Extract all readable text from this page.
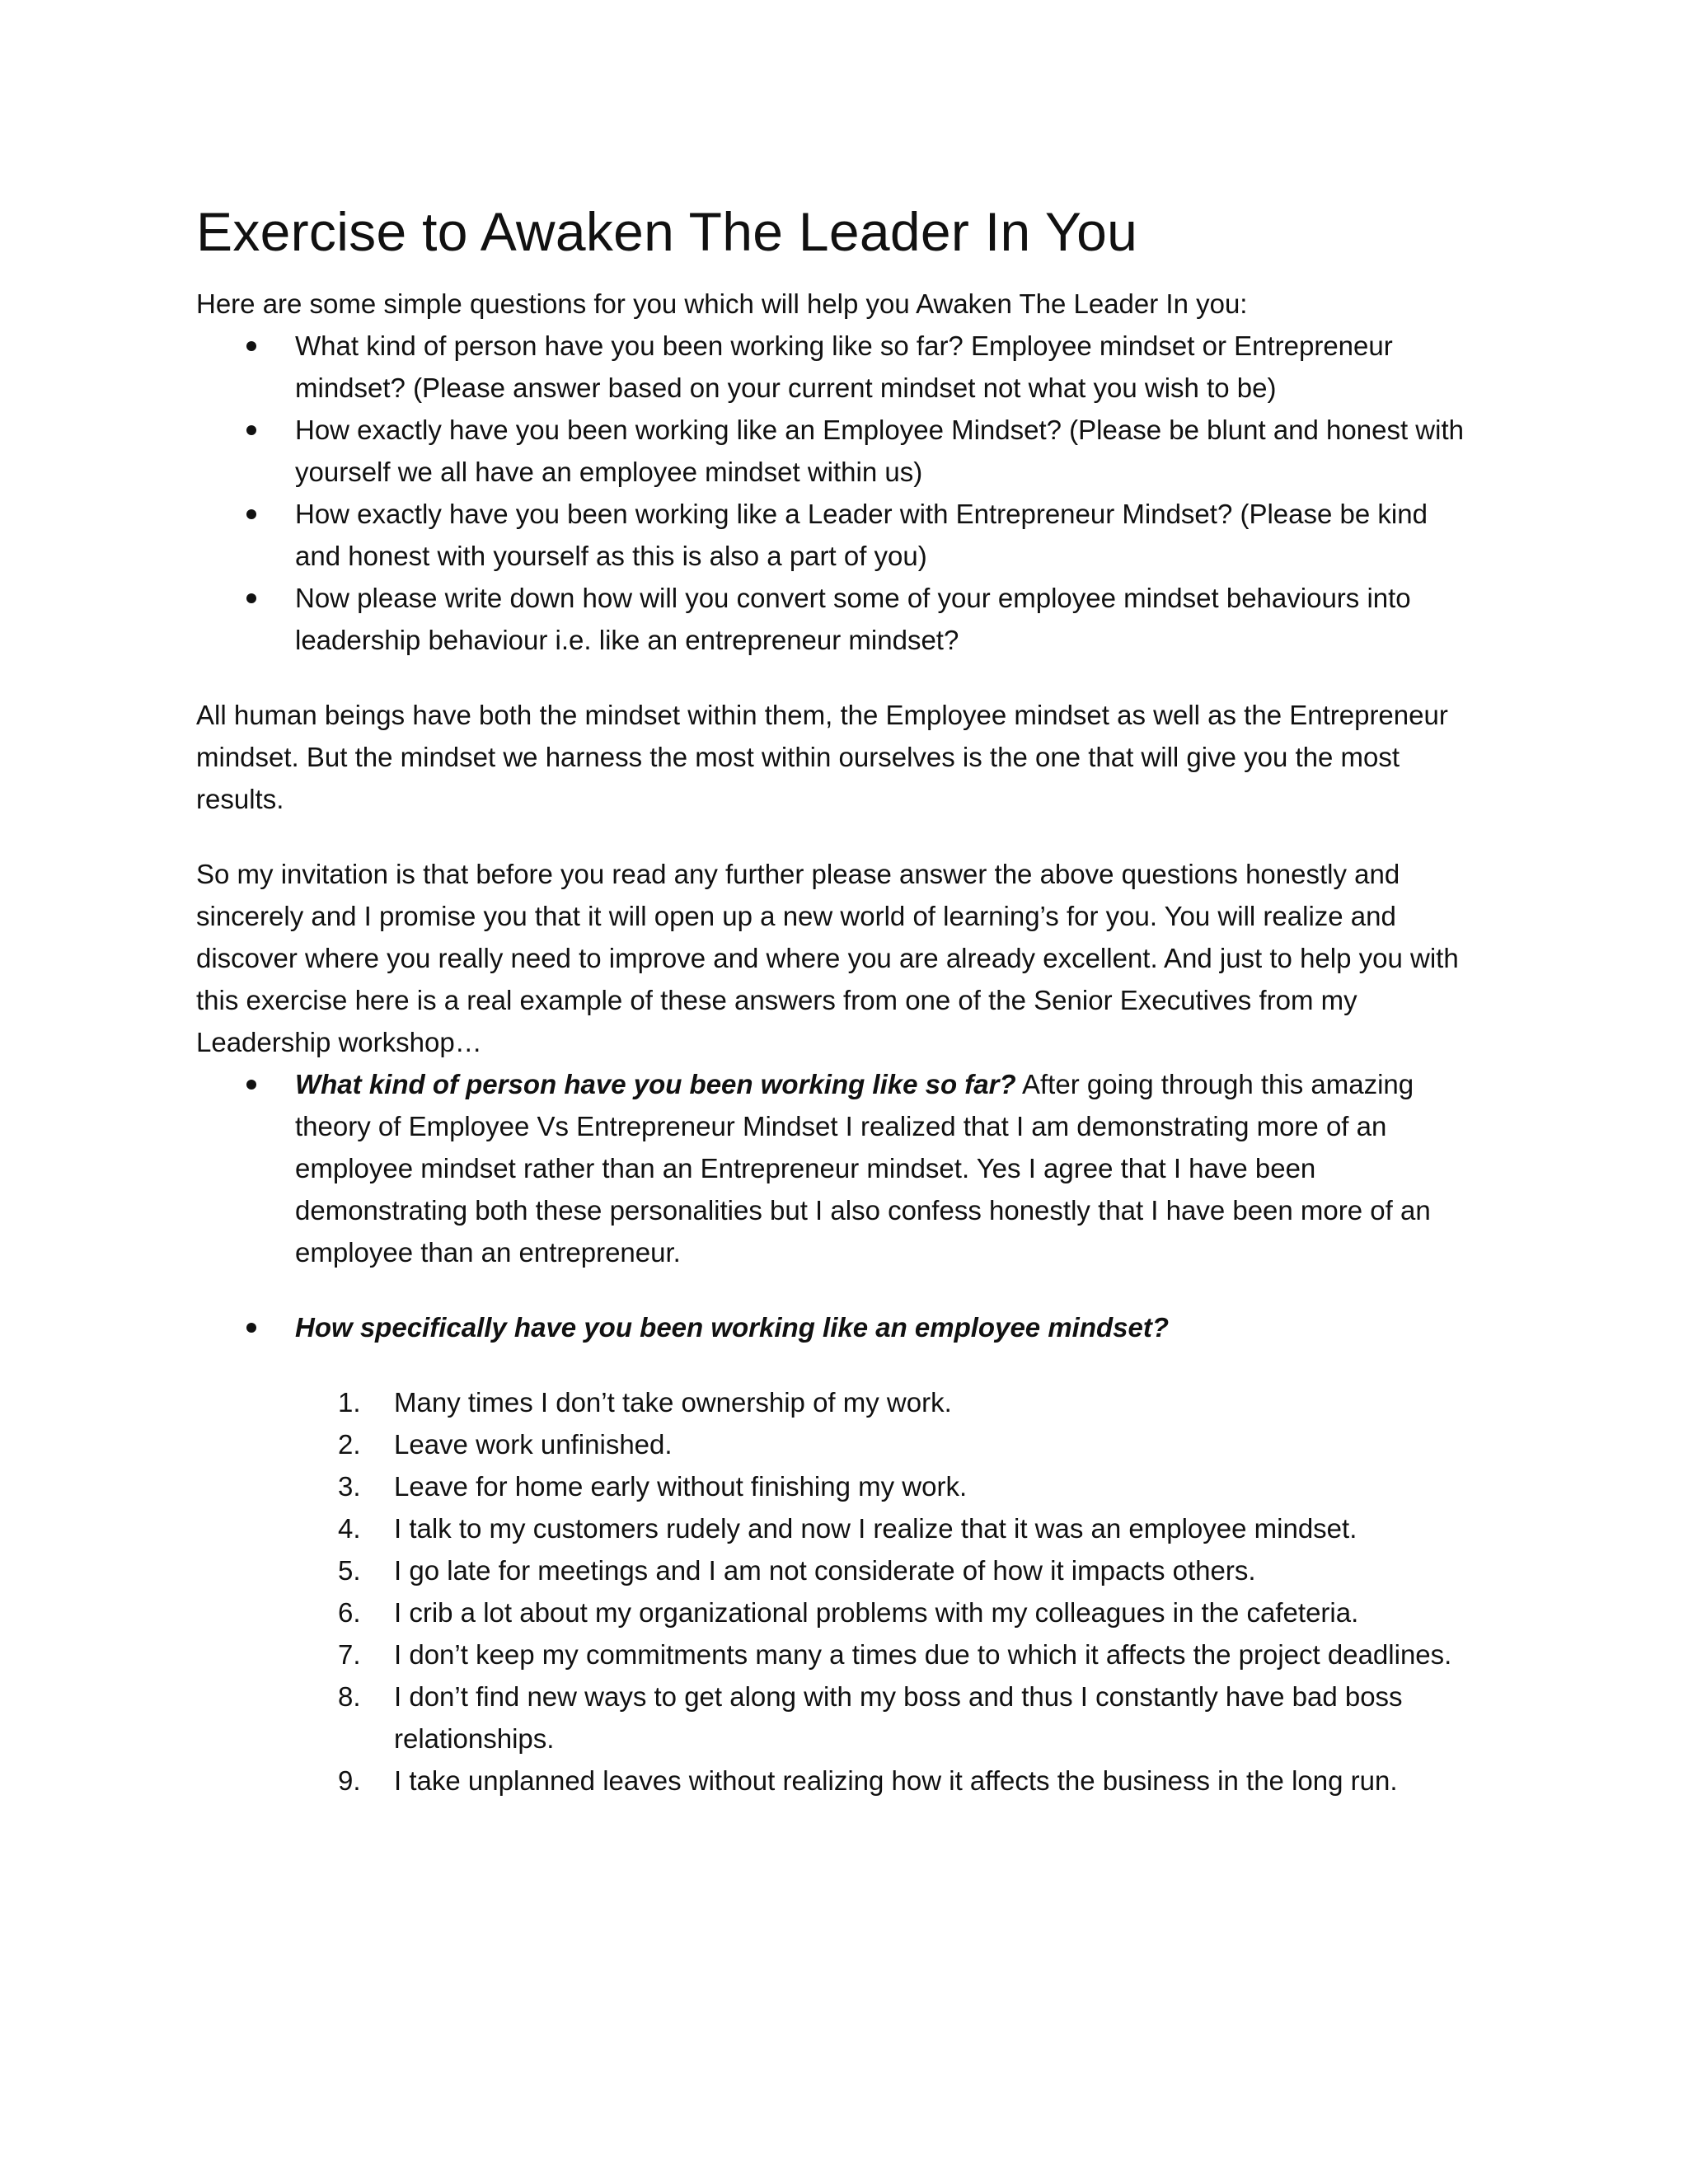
Exercise to Awaken The Leader In You

Here are some simple questions for you which will help you Awaken The Leader In you:

What kind of person have you been working like so far? Employee mindset or Entrepreneur mindset? (Please answer based on your current mindset not what you wish to be)
How exactly have you been working like an Employee Mindset? (Please be blunt and honest with yourself we all have an employee mindset within us)
How exactly have you been working like a Leader with Entrepreneur Mindset? (Please be kind and honest with yourself as this is also a part of you)
Now please write down how will you convert some of your employee mindset behaviours into leadership behaviour i.e. like an entrepreneur mindset?

All human beings have both the mindset within them, the Employee mindset as well as the Entrepreneur mindset. But the mindset we harness the most within ourselves is the one that will give you the most results.

So my invitation is that before you read any further please answer the above questions honestly and sincerely and I promise you that it will open up a new world of learning’s for you. You will realize and discover where you really need to improve and where you are already excellent. And just to help you with this exercise here is a real example of these answers from one of the Senior Executives from my Leadership workshop…

What kind of person have you been working like so far? After going through this amazing theory of Employee Vs Entrepreneur Mindset I realized that I am demonstrating more of an employee mindset rather than an Entrepreneur mindset. Yes I agree that I have been demonstrating both these personalities but I also confess honestly that I have been more of an employee than an entrepreneur.
How specifically have you been working like an employee mindset?
1. Many times I don’t take ownership of my work.
2. Leave work unfinished.
3. Leave for home early without finishing my work.
4. I talk to my customers rudely and now I realize that it was an employee mindset.
5. I go late for meetings and I am not considerate of how it impacts others.
6. I crib a lot about my organizational problems with my colleagues in the cafeteria.
7. I don’t keep my commitments many a times due to which it affects the project deadlines.
8. I don’t find new ways to get along with my boss and thus I constantly have bad boss relationships.
9. I take unplanned leaves without realizing how it affects the business in the long run.
